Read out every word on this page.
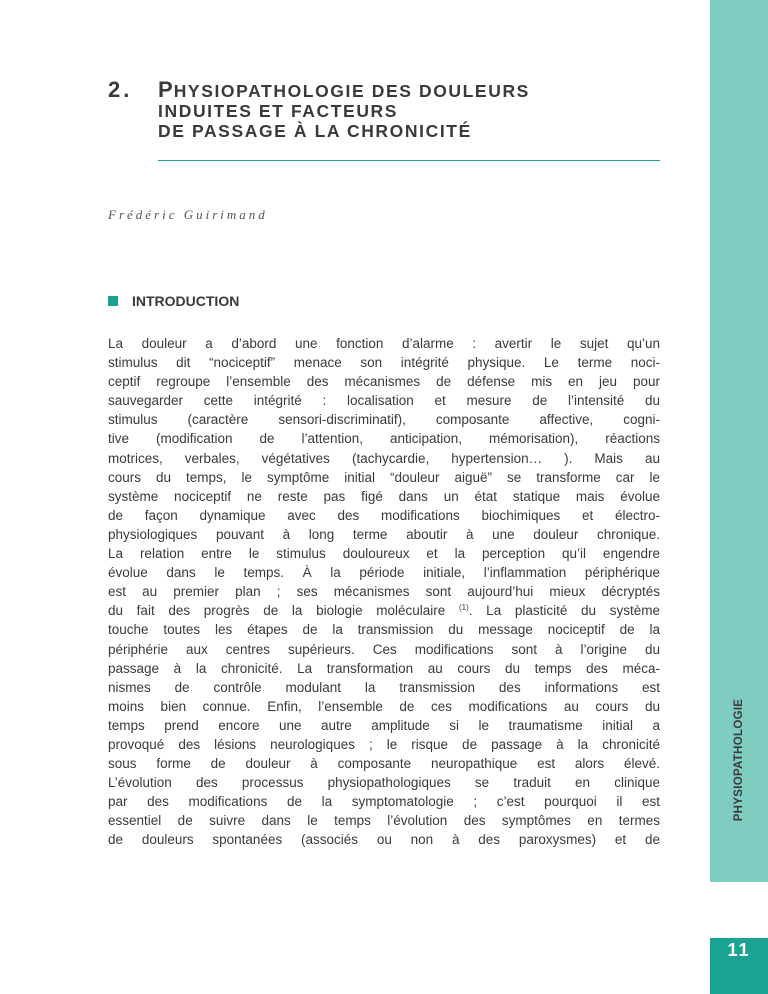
PHYSIOPATHOLOGIE
11
2. PHYSIOPATHOLOGIE DES DOULEURS
INDUITES ET FACTEURS
DE PASSAGE À LA CHRONICITÉ
Frédéric Guirimand
INTRODUCTION
La douleur a d’abord une fonction d’alarme : avertir le sujet qu’un
stimulus dit “nociceptif” menace son intégrité physique. Le terme noci-
ceptif regroupe l’ensemble des mécanismes de défense mis en jeu pour
sauvegarder cette intégrité : localisation et mesure de l’intensité du
stimulus (caractère sensori-discriminatif), composante affective, cogni-
tive (modification de l’attention, anticipation, mémorisation), réactions
motrices, verbales, végétatives (tachycardie, hypertension… ). Mais au
cours du temps, le symptôme initial “douleur aiguë” se transforme car le
système nociceptif ne reste pas figé dans un état statique mais évolue
de façon dynamique avec des modifications biochimiques et électro-
physiologiques pouvant à long terme aboutir à une douleur chronique.
La relation entre le stimulus douloureux et la perception qu’il engendre
évolue dans le temps. À la période initiale, l’inflammation périphérique
est au premier plan ; ses mécanismes sont aujourd’hui mieux décryptés
du fait des progrès de la biologie moléculaire $^{(1)}$. La plasticité du système
touche toutes les étapes de la transmission du message nociceptif de la
périphérie aux centres supérieurs. Ces modifications sont à l’origine du
passage à la chronicité. La transformation au cours du temps des méca-
nismes de contrôle modulant la transmission des informations est
moins bien connue. Enfin, l’ensemble de ces modifications au cours du
temps prend encore une autre amplitude si le traumatisme initial a
provoqué des lésions neurologiques ; le risque de passage à la chronicité
sous forme de douleur à composante neuropathique est alors élevé.
L’évolution des processus physiopathologiques se traduit en clinique
par des modifications de la symptomatologie ; c’est pourquoi il est
essentiel de suivre dans le temps l’évolution des symptômes en termes
de douleurs spontanées (associés ou non à des paroxysmes) et de
